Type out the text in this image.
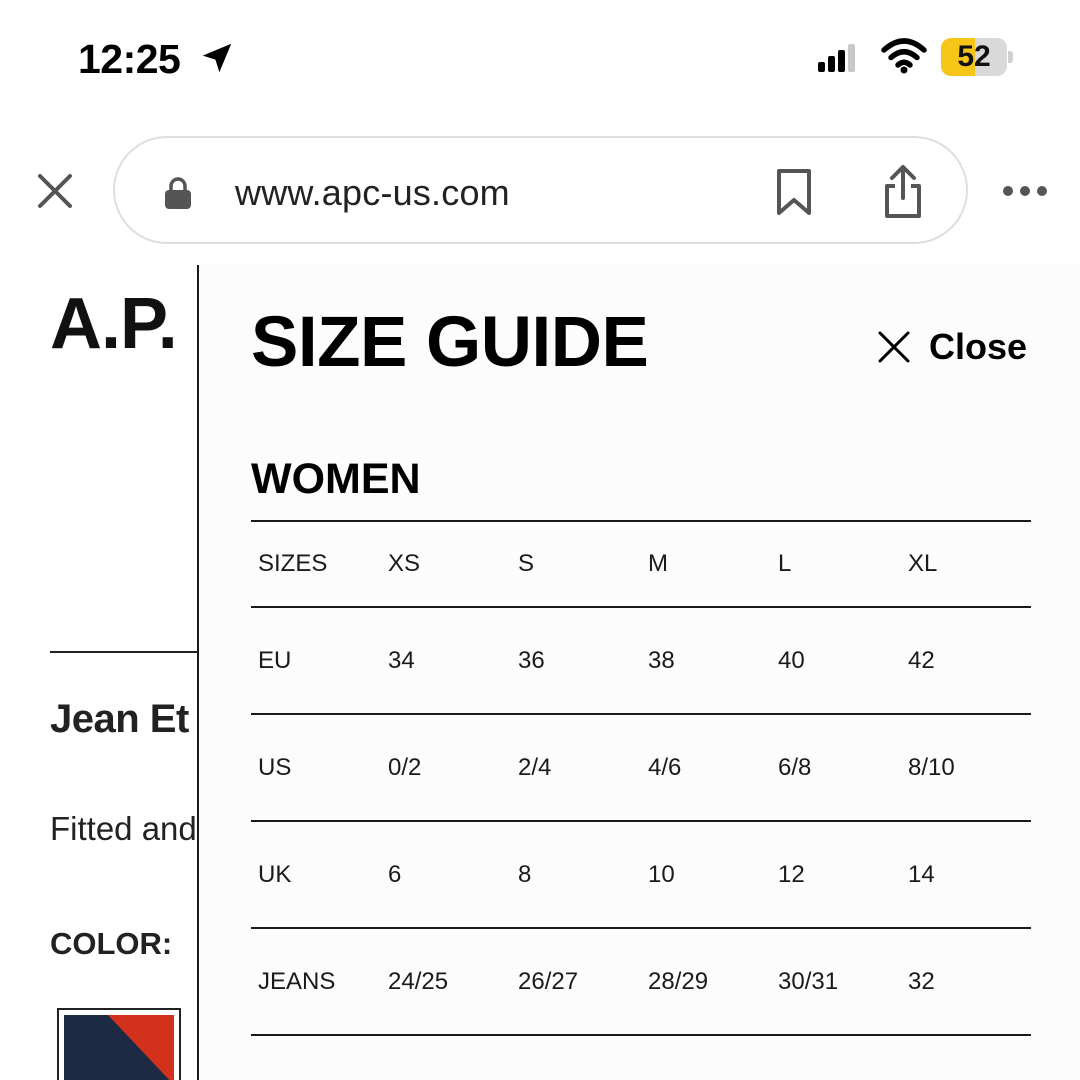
12:25	52
www.apc-us.com
A.P.
Jean Et
Fitted and
COLOR:
SIZE GUIDE	Close
WOMEN
SIZES	XS	S	M	L	XL
EU	34	36	38	40	42
US	0/2	2/4	4/6	6/8	8/10
UK	6	8	10	12	14
JEANS	24/25	26/27	28/29	30/31	32
